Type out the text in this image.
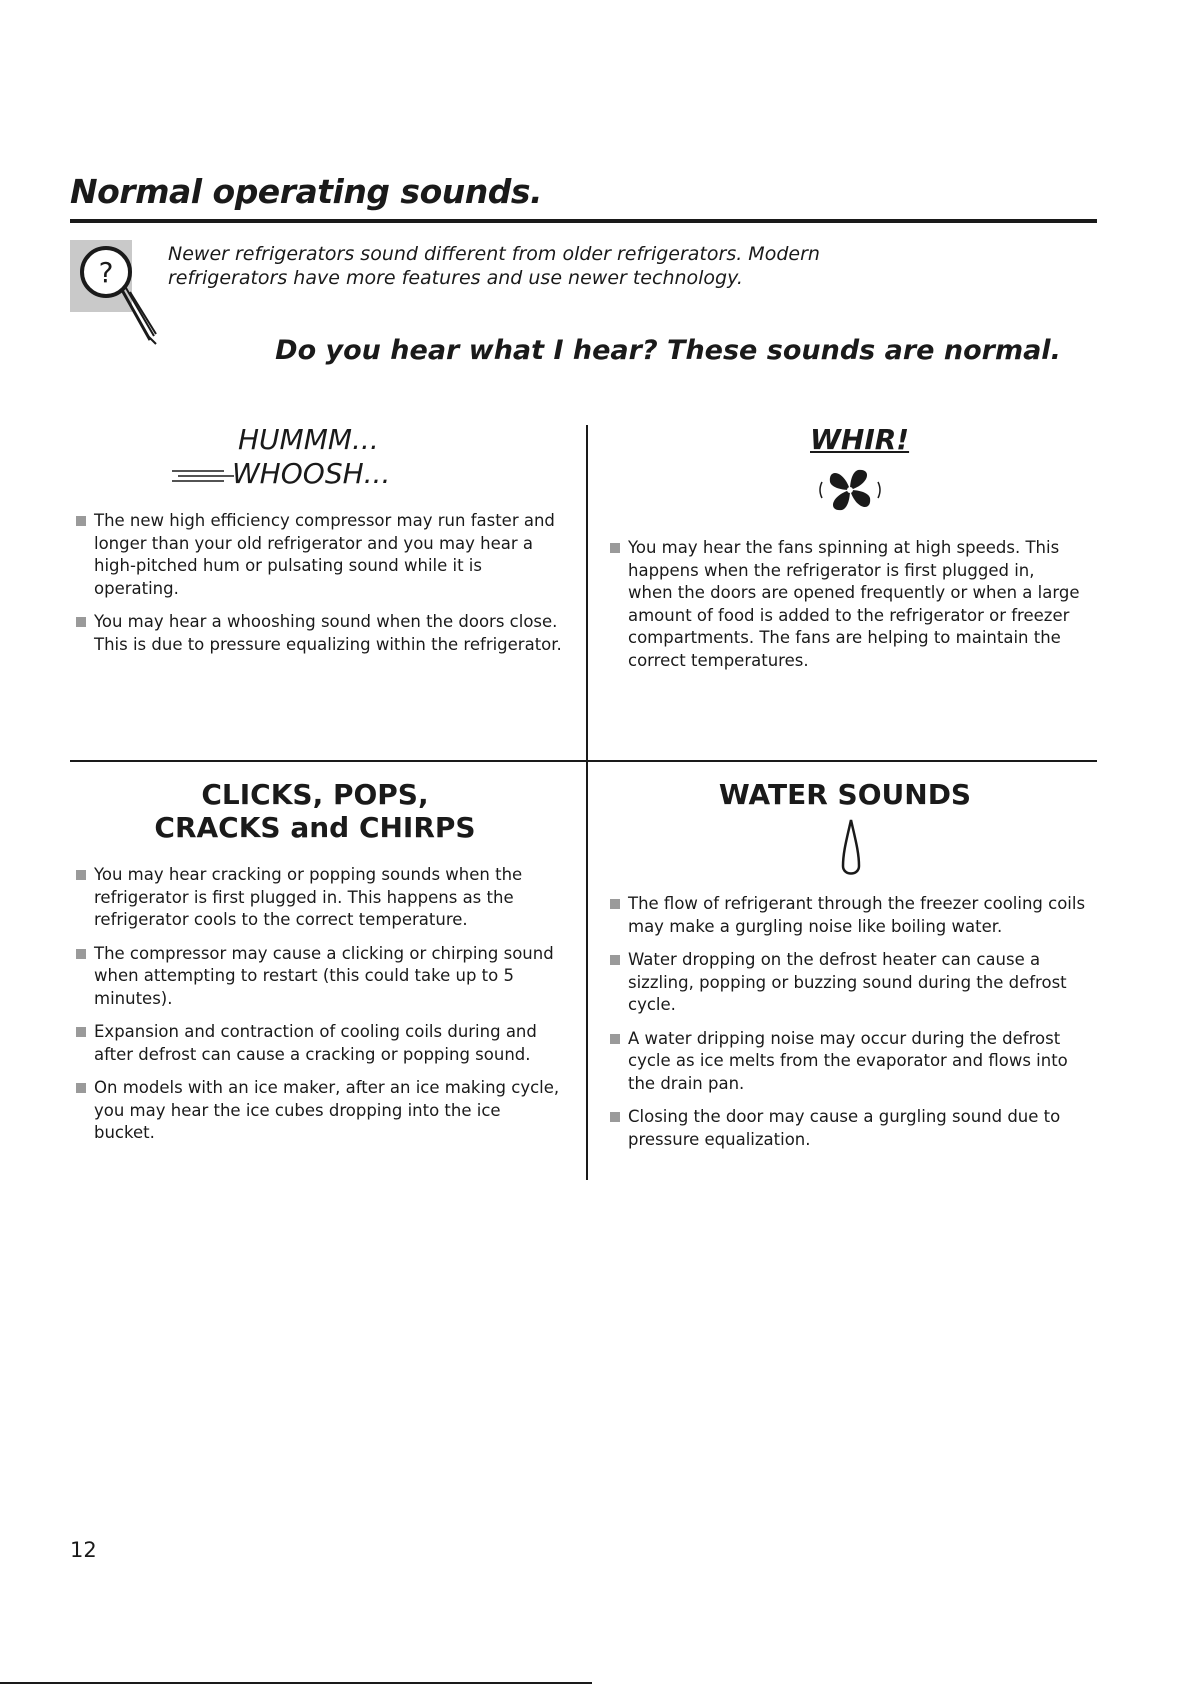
Normal operating sounds.
?

Newer refrigerators sound different from older refrigerators. Modern refrigerators have more features and use newer technology.

Do you hear what I hear? These sounds are normal.

HUMMM...
WHOOSH...
The new high efficiency compressor may run faster and longer than your old refrigerator and you may hear a high-pitched hum or pulsating sound while it is operating.
You may hear a whooshing sound when the doors close. This is due to pressure equalizing within the refrigerator.
WHIR!
You may hear the fans spinning at high speeds. This happens when the refrigerator is first plugged in, when the doors are opened frequently or when a large amount of food is added to the refrigerator or freezer compartments. The fans are helping to maintain the correct temperatures.
CLICKS, POPS,
CRACKS and CHIRPS
You may hear cracking or popping sounds when the refrigerator is first plugged in. This happens as the refrigerator cools to the correct temperature.
The compressor may cause a clicking or chirping sound when attempting to restart (this could take up to 5 minutes).
Expansion and contraction of cooling coils during and after defrost can cause a cracking or popping sound.
On models with an ice maker, after an ice making cycle, you may hear the ice cubes dropping into the ice bucket.
WATER SOUNDS
The flow of refrigerant through the freezer cooling coils may make a gurgling noise like boiling water.
Water dropping on the defrost heater can cause a sizzling, popping or buzzing sound during the defrost cycle.
A water dripping noise may occur during the defrost cycle as ice melts from the evaporator and flows into the drain pan.
Closing the door may cause a gurgling sound due to pressure equalization.

12
